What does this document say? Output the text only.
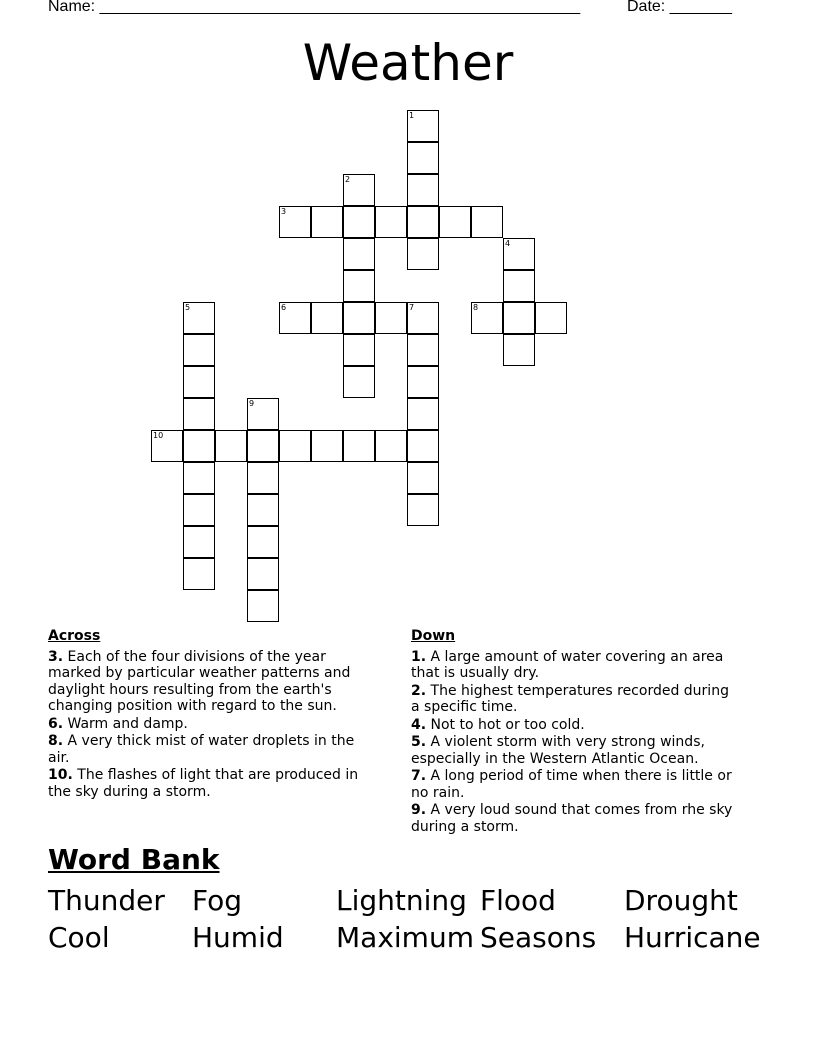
Name: ______________________________________________________	Date: _______
Weather
1
2
3
4
5	6	7	8
9
10
Across
3. Each of the four divisions of the year marked by particular weather patterns and daylight hours resulting from the earth's changing position with regard to the sun.
6. Warm and damp.
8. A very thick mist of water droplets in the air.
10. The flashes of light that are produced in the sky during a storm.
Down
1. A large amount of water covering an area that is usually dry.
2. The highest temperatures recorded during a specific time.
4. Not to hot or too cold.
5. A violent storm with very strong winds, especially in the Western Atlantic Ocean.
7. A long period of time when there is little or no rain.
9. A very loud sound that comes from rhe sky during a storm.
Word Bank
Thunder Fog	Lightning Flood Drought
Cool	Humid Maximum Seasons Hurricane
